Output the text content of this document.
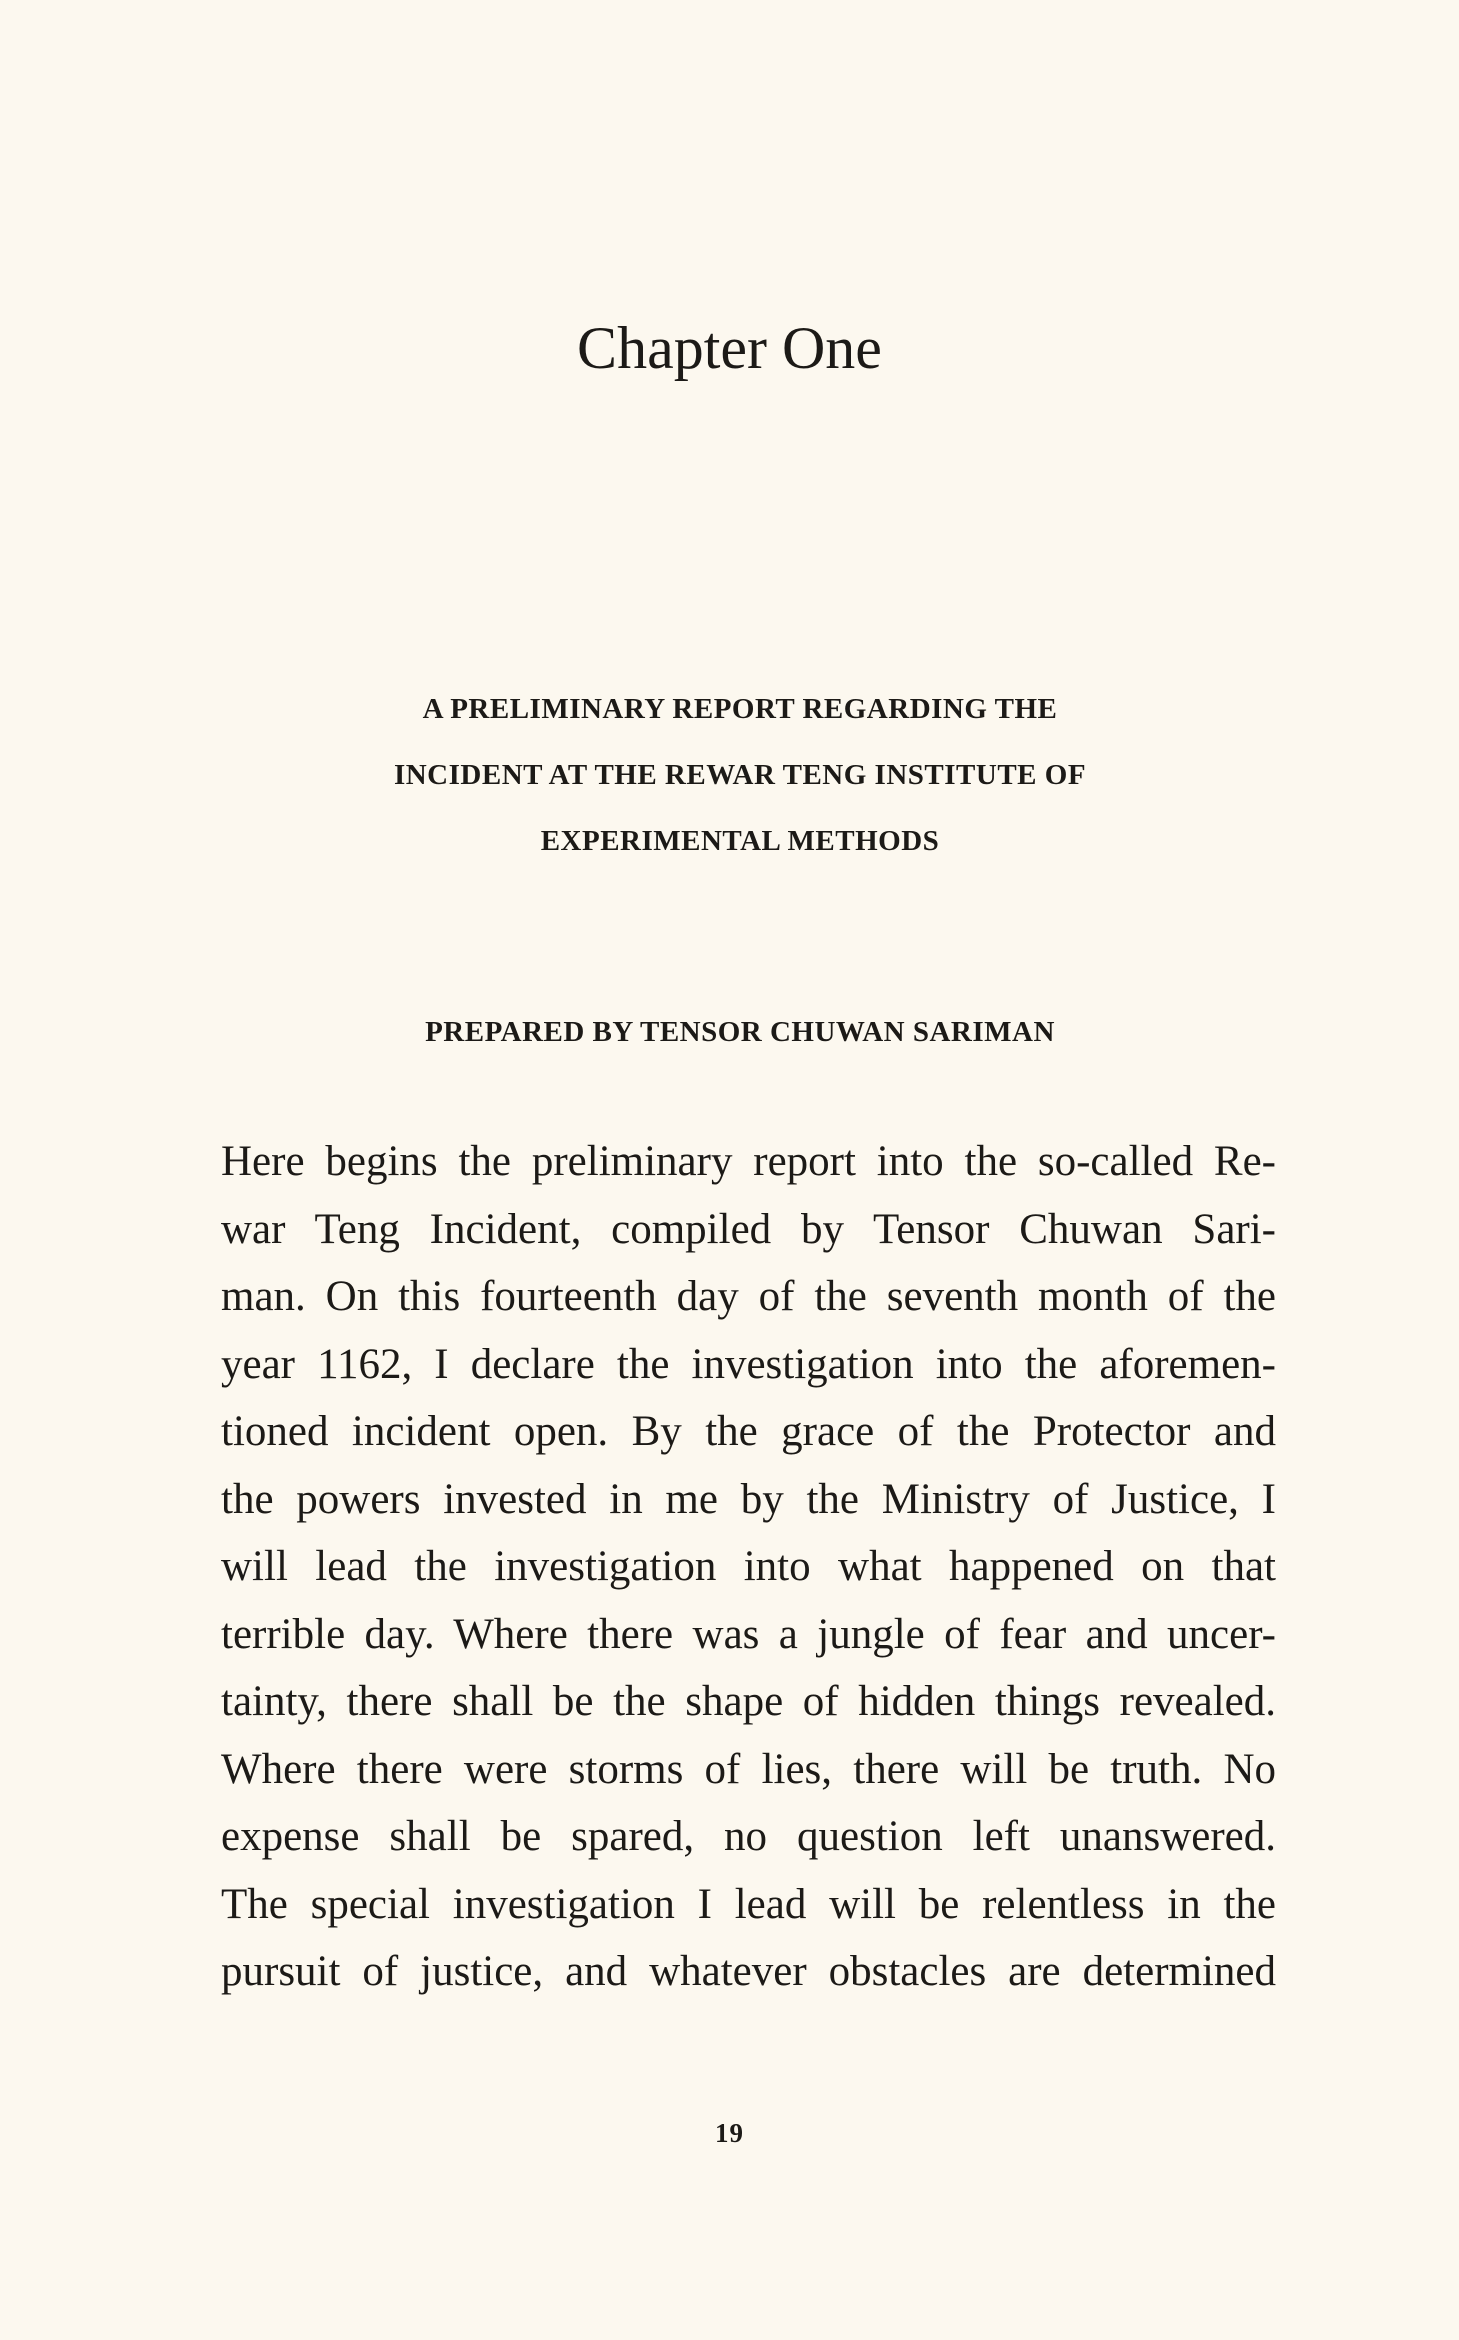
Chapter One
A PRELIMINARY REPORT REGARDING THE
INCIDENT AT THE REWAR TENG INSTITUTE OF
EXPERIMENTAL METHODS
PREPARED BY TENSOR CHUWAN SARIMAN
Here begins the preliminary report into the so-called Re-
war Teng Incident, compiled by Tensor Chuwan Sari-
man. On this fourteenth day of the seventh month of the
year 1162, I declare the investigation into the aforemen-
tioned incident open. By the grace of the Protector and
the powers invested in me by the Ministry of Justice, I
will lead the investigation into what happened on that
terrible day. Where there was a jungle of fear and uncer-
tainty, there shall be the shape of hidden things revealed.
Where there were storms of lies, there will be truth. No
expense shall be spared, no question left unanswered.
The special investigation I lead will be relentless in the
pursuit of justice, and whatever obstacles are determined
19
